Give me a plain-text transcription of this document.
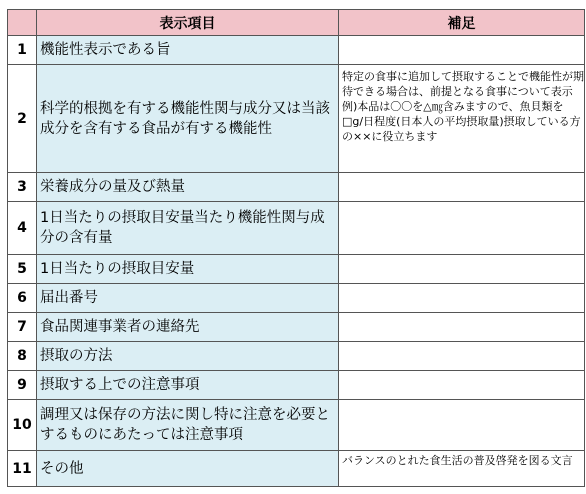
	表示項目	補足
1	機能性表示である旨	
2	科学的根拠を有する機能性関与成分又は当該成分を含有する食品が有する機能性	特定の食事に追加して摂取することで機能性が期待できる場合は、前提となる食事について表示
例)本品は〇〇を△㎎含みますので、魚貝類を□g/日程度(日本人の平均摂取量)摂取している方の××に役立ちます

3	栄養成分の量及び熱量	
4	1日当たりの摂取目安量当たり機能性関与成分の含有量	
5	1日当たりの摂取目安量	
6	届出番号	
7	食品関連事業者の連絡先	
8	摂取の方法	
9	摂取する上での注意事項	
10	調理又は保存の方法に関し特に注意を必要とするものにあたっては注意事項	
11	その他	バランスのとれた食生活の普及啓発を図る文言
